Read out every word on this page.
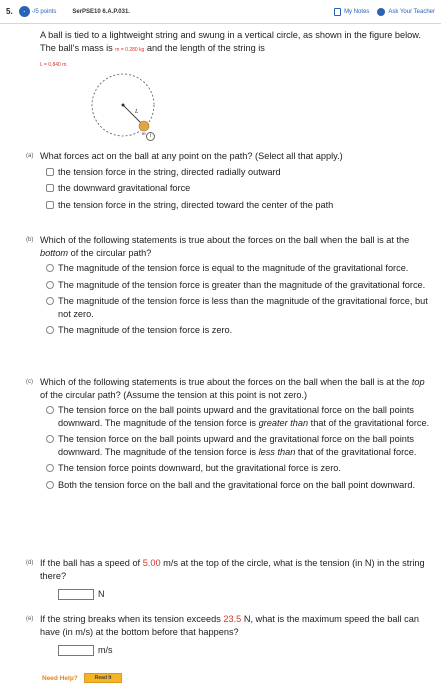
5.	·	-/5 points	SerPSE10 6.A.P.031.	My Notes	Ask Your Teacher
A ball is tied to a lightweight string and swung in a vertical circle, as shown in the figure below. The ball's mass is m = 0.280 kg and the length of the string is
L = 0.840 m.
L
m i
(a) What forces act on the ball at any point on the path? (Select all that apply.)
the tension force in the string, directed radially outward
the downward gravitational force
the tension force in the string, directed toward the center of the path
(b) Which of the following statements is true about the forces on the ball when the ball is at the bottom of the circular path?
The magnitude of the tension force is equal to the magnitude of the gravitational force.
The magnitude of the tension force is greater than the magnitude of the gravitational force.
The magnitude of the tension force is less than the magnitude of the gravitational force, but not zero.
The magnitude of the tension force is zero.
(c) Which of the following statements is true about the forces on the ball when the ball is at the top of the circular path? (Assume the tension at this point is not zero.)
The tension force on the ball points upward and the gravitational force on the ball points downward. The magnitude of the tension force is greater than that of the gravitational force.
The tension force on the ball points upward and the gravitational force on the ball points downward. The magnitude of the tension force is less than that of the gravitational force.
The tension force points downward, but the gravitational force is zero.
Both the tension force on the ball and the gravitational force on the ball point downward.
(d) If the ball has a speed of 5.00 m/s at the top of the circle, what is the tension (in N) in the string there?
N
(e) If the string breaks when its tension exceeds 23.5 N, what is the maximum speed the ball can have (in m/s) at the bottom before that happens?
m/s
Need Help?	Read It
